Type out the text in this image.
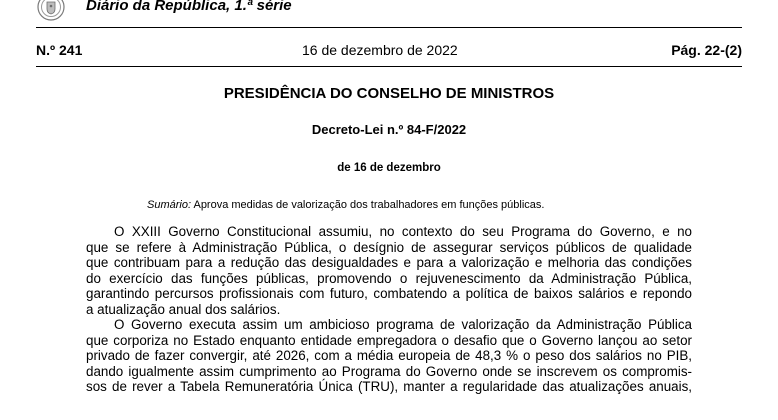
Diário da República, 1.ª série
N.º 241	16 de dezembro de 2022	Pág. 22-(2)
PRESIDÊNCIA DO CONSELHO DE MINISTROS
Decreto-Lei n.º 84-F/2022
de 16 de dezembro
Sumário: Aprova medidas de valorização dos trabalhadores em funções públicas.
O XXIII Governo Constitucional assumiu, no contexto do seu Programa do Governo, e no
que se refere à Administração Pública, o desígnio de assegurar serviços públicos de qualidade
que contribuam para a redução das desigualdades e para a valorização e melhoria das condições
do exercício das funções públicas, promovendo o rejuvenescimento da Administração Pública,
garantindo percursos profissionais com futuro, combatendo a política de baixos salários e repondo
a atualização anual dos salários.
O Governo executa assim um ambicioso programa de valorização da Administração Pública
que corporiza no Estado enquanto entidade empregadora o desafio que o Governo lançou ao setor
privado de fazer convergir, até 2026, com a média europeia de 48,3 % o peso dos salários no PIB,
dando igualmente assim cumprimento ao Programa do Governo onde se inscrevem os compromis-
sos de rever a Tabela Remuneratória Única (TRU), manter a regularidade das atualizações anuais,
